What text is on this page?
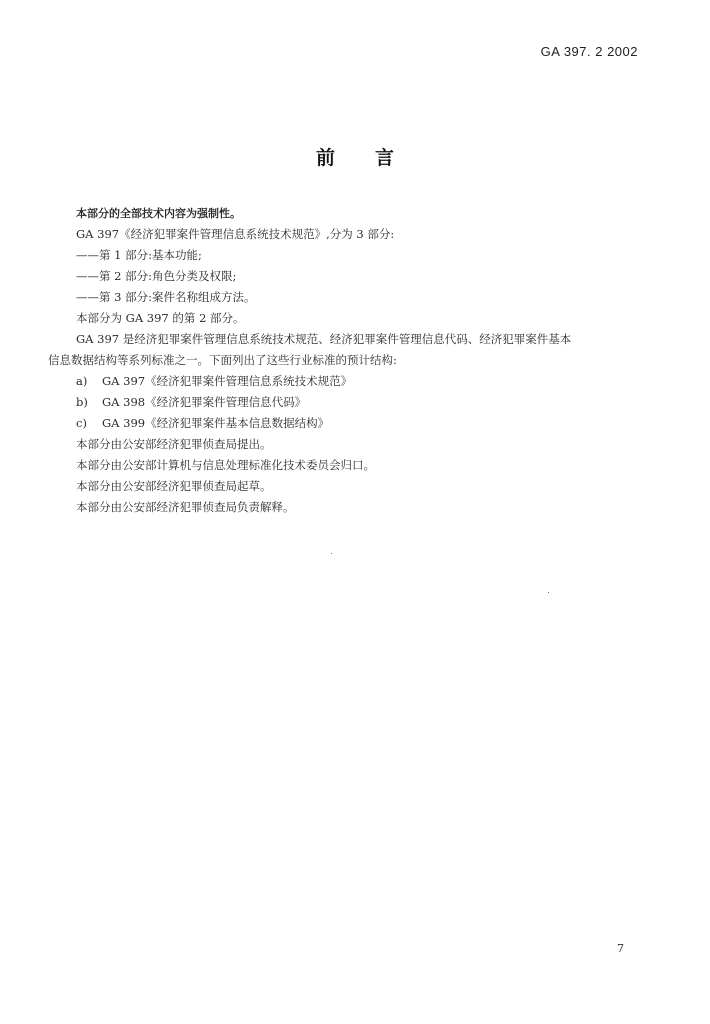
GA 397. 2 2002
前言
本部分的全部技术内容为强制性。
GA 397《经济犯罪案件管理信息系统技术规范》,分为 3 部分:
——第 1 部分:基本功能;
——第 2 部分:角色分类及权限;
——第 3 部分:案件名称组成方法。
本部分为 GA 397 的第 2 部分。
GA 397 是经济犯罪案件管理信息系统技术规范、经济犯罪案件管理信息代码、经济犯罪案件基本
信息数据结构等系列标准之一。下面列出了这些行业标准的预计结构:
a) GA 397《经济犯罪案件管理信息系统技术规范》
b) GA 398《经济犯罪案件管理信息代码》
c) GA 399《经济犯罪案件基本信息数据结构》
本部分由公安部经济犯罪侦查局提出。
本部分由公安部计算机与信息处理标准化技术委员会归口。
本部分由公安部经济犯罪侦查局起草。
本部分由公安部经济犯罪侦查局负责解释。
7
